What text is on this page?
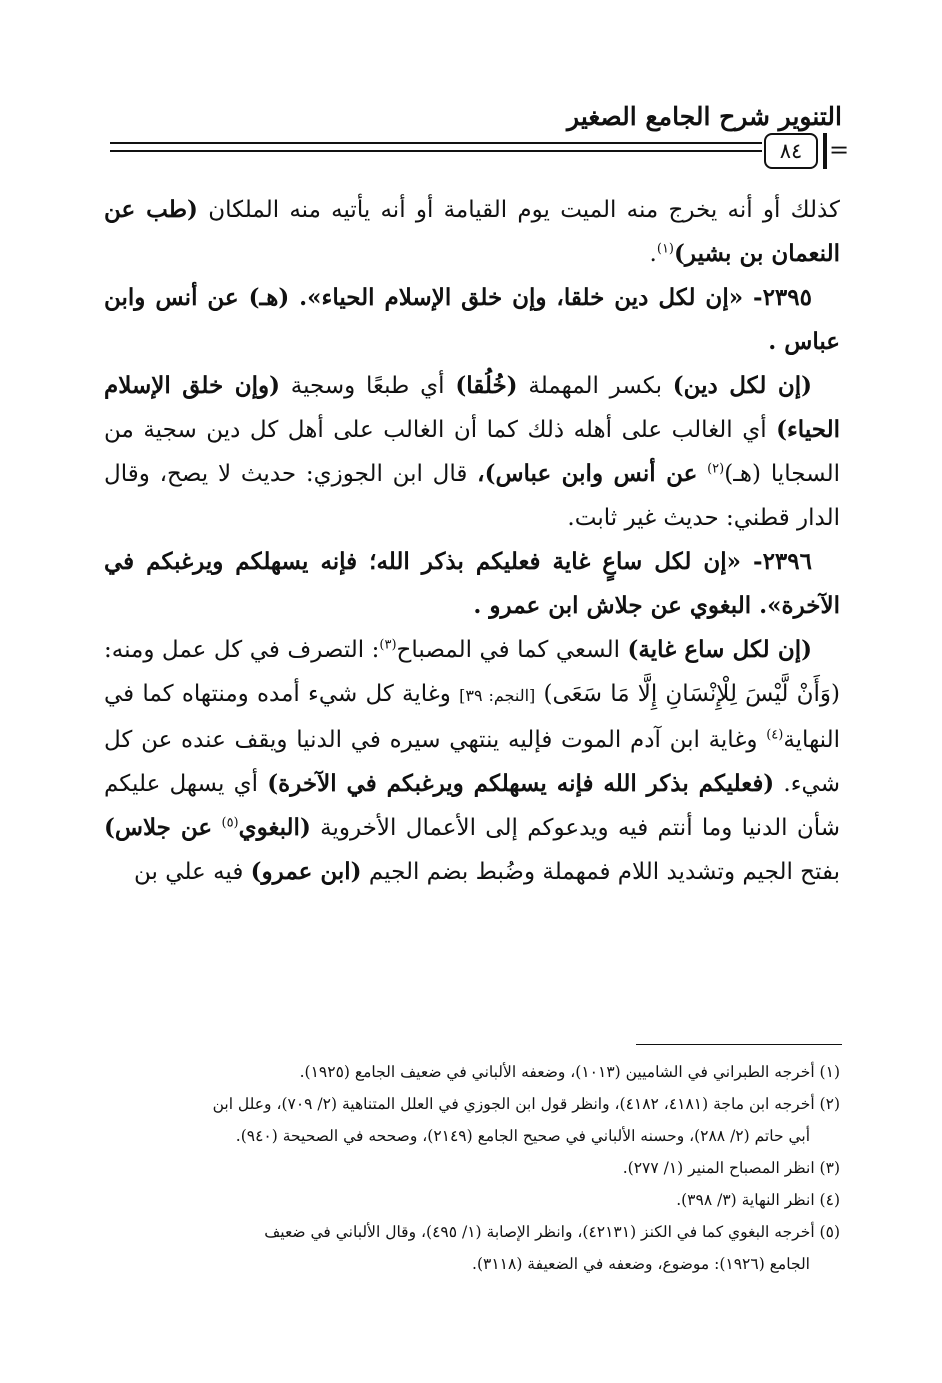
التنوير شرح الجامع الصغير
٨٤	=

كذلك أو أنه يخرج منه الميت يوم القيامة أو أنه يأتيه منه الملكان (طب عن النعمان بن بشير)$^{(١)}$.

٢٣٩٥- «إن لكل دين خلقا، وإن خلق الإسلام الحياء». (هـ) عن أنس وابن عباس .

(إن لكل دين) بكسر المهملة (خُلُقا) أي طبعًا وسجية (وإن خلق الإسلام الحياء) أي الغالب على أهله ذلك كما أن الغالب على أهل كل دين سجية من السجايا (هـ)$^{(٢)}$ عن أنس وابن عباس)، قال ابن الجوزي: حديث لا يصح، وقال الدار قطني: حديث غير ثابت.

٢٣٩٦- «إن لكل ساعٍ غاية فعليكم بذكر الله؛ فإنه يسهلكم ويرغبكم في الآخرة». البغوي عن جلاش ابن عمرو .

(إن لكل ساع غاية) السعي كما في المصباح$^{(٣)}$: التصرف في كل عمل ومنه: (وَأَنْ لَّيْسَ لِلْإِنْسَانِ إِلَّا مَا سَعَى) [النجم: ٣٩] وغاية كل شيء أمده ومنتهاه كما في النهاية$^{(٤)}$ وغاية ابن آدم الموت فإليه ينتهي سيره في الدنيا ويقف عنده عن كل شيء. (فعليكم بذكر الله فإنه يسهلكم ويرغبكم في الآخرة) أي يسهل عليكم شأن الدنيا وما أنتم فيه ويدعوكم إلى الأعمال الأخروية (البغوي$^{(٥)}$ عن جلاس) بفتح الجيم وتشديد اللام فمهملة وضُبط بضم الجيم (ابن عمرو) فيه علي بن

(١) أخرجه الطبراني في الشاميين (١٠١٣)، وضعفه الألباني في ضعيف الجامع (١٩٢٥).

(٢) أخرجه ابن ماجة (٤١٨١، ٤١٨٢)، وانظر قول ابن الجوزي في العلل المتناهية (٢/ ٧٠٩)، وعلل ابن

أبي حاتم (٢/ ٢٨٨)، وحسنه الألباني في صحيح الجامع (٢١٤٩)، وصححه في الصحيحة (٩٤٠).

(٣) انظر المصباح المنير (١/ ٢٧٧).

(٤) انظر النهاية (٣/ ٣٩٨).

(٥) أخرجه البغوي كما في الكنز (٤٢١٣١)، وانظر الإصابة (١/ ٤٩٥)، وقال الألباني في ضعيف

الجامع (١٩٢٦): موضوع، وضعفه في الضعيفة (٣١١٨).
